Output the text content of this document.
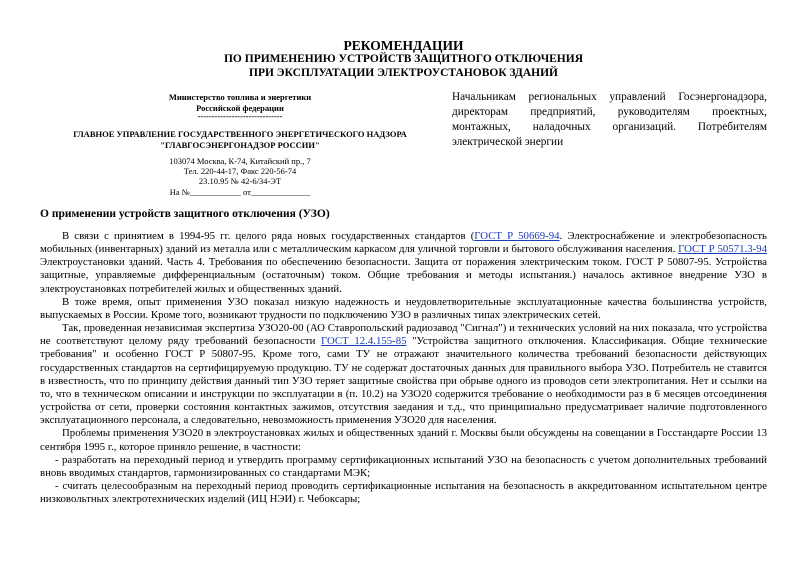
РЕКОМЕНДАЦИИ
ПО ПРИМЕНЕНИЮ УСТРОЙСТВ ЗАЩИТНОГО ОТКЛЮЧЕНИЯ
ПРИ ЭКСПЛУАТАЦИИ ЭЛЕКТРОУСТАНОВОК ЗДАНИЙ
Министерство топлива и энергетики
Российской федерации
------------------------------
ГЛАВНОЕ УПРАВЛЕНИЕ ГОСУДАРСТВЕННОГО ЭНЕРГЕТИЧЕСКОГО НАДЗОРА
"ГЛАВГОСЭНЕРГОНАДЗОР РОССИИ"
103074 Москва, К-74, Китайский пр., 7
Тел. 220-44-17, Факс 220-56-74
23.10.95 № 42-6/34-ЭТ
На №____________ от______________
Начальникам региональных управлений Госэнергонадзора, директорам предприятий, руководителям проектных, монтажных, наладочных организаций. Потребителям электрической энергии
О применении устройств защитного отключения (УЗО)

В связи с принятием в 1994-95 гг. целого ряда новых государственных стандартов (ГОСТ Р 50669-94. Электроснабжение и электробезопасность мобильных (инвентарных) зданий из металла или с металлическим каркасом для уличной торговли и бытового обслуживания населения. ГОСТ Р 50571.3-94 Электроустановки зданий. Часть 4. Требования по обеспечению безопасности. Защита от поражения электрическим током. ГОСТ Р 50807-95. Устройства защитные, управляемые дифференциальным (остаточным) током. Общие требования и методы испытания.) началось активное внедрение УЗО в электроустановках потребителей жилых и общественных зданий.

В тоже время, опыт применения УЗО показал низкую надежность и неудовлетворительные эксплуатационные качества большинства устройств, выпускаемых в России. Кроме того, возникают трудности по подключению УЗО в различных типах электрических сетей.

Так, проведенная независимая экспертиза УЗО20-00 (АО Ставропольский радиозавод "Сигнал") и технических условий на них показала, что устройства не соответствуют целому ряду требований безопасности ГОСТ 12.4.155-85 "Устройства защитного отключения. Классификация. Общие технические требования" и особенно ГОСТ Р 50807-95. Кроме того, сами ТУ не отражают значительного количества требований безопасности действующих государственных стандартов на сертифицируемую продукцию. ТУ не содержат достаточных данных для правильного выбора УЗО. Потребитель не ставится в известность, что по принципу действия данный тип УЗО теряет защитные свойства при обрыве одного из проводов сети электропитания. Нет и ссылки на то, что в техническом описании и инструкции по эксплуатации в (п. 10.2) на УЗО20 содержится требование о необходимости раз в 6 месяцев отсоединения устройства от сети, проверки состояния контактных зажимов, отсутствия заедания и т.д., что принципиально предусматривает наличие подготовленного эксплуатационного персонала, а следовательно, невозможность применения УЗО20 для населения.

Проблемы применения УЗО20 в электроустановках жилых и общественных зданий г. Москвы были обсуждены на совещании в Госстандарте России 13 сентября 1995 г., которое приняло решение, в частности:

- разработать на переходный период и утвердить программу сертификационных испытаний УЗО на безопасность с учетом дополнительных требований вновь вводимых стандартов, гармонизированных со стандартами МЭК;

- считать целесообразным на переходный период проводить сертификационные испытания на безопасность в аккредитованном испытательном центре низковольтных электротехнических изделий (ИЦ НЭИ) г. Чебоксары;
